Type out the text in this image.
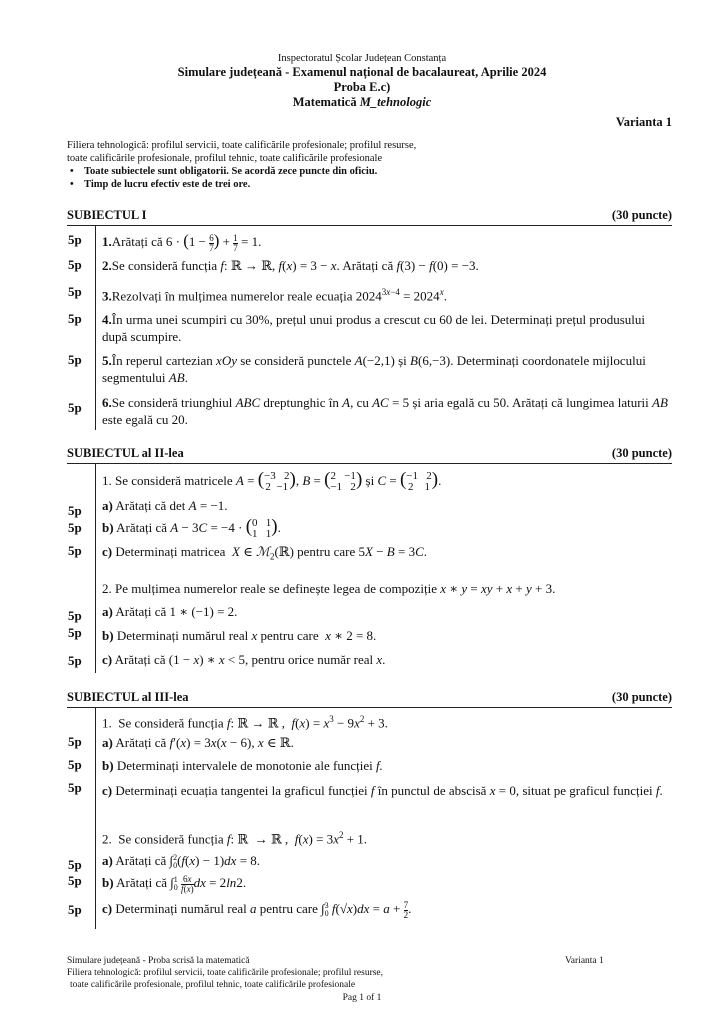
Inspectoratul Școlar Județean Constanța
Simulare județeană - Examenul național de bacalaureat, Aprilie 2024
Proba E.c)
Matematică M_tehnologic
Varianta 1
Filiera tehnologică: profilul servicii, toate calificările profesionale; profilul resurse,
toate calificările profesionale, profilul tehnic, toate calificările profesionale
• Toate subiectele sunt obligatorii. Se acordă zece puncte din oficiu.
• Timp de lucru efectiv este de trei ore.
SUBIECTUL I	(30 puncte)
5p	1.Arătați că $6 \cdot (1 - \frac{6}{7}$ ) + $\frac{1}{7} = 1$.
5p	2.Se consideră funcția f: ℝ → ℝ, f(x) = 3 − x. Arătați că f(3) − f(0) = −3.
5p	3.Rezolvați în mulțimea numerelor reale ecuația $2024^{3x-4} = 2024^x$.
5p	4.În urma unei scumpiri cu 30%, prețul unui produs a crescut cu 60 de lei. Determinați prețul produsului după scumpire.
5p	5.În reperul cartezian xOy se consideră punctele A(−2,1) și B(6,−3). Determinați coordonatele mijlocului segmentului AB.
5p	6.Se consideră triunghiul ABC dreptunghic în A, cu AC = 5 și aria egală cu 50. Arătați că lungimea laturii AB este egală cu 20.
SUBIECTUL al II-lea	(30 puncte)
1. Se consideră matricele A = ( −3   2
2  −1 ), B = ( 2   −1
−1   2 ) și C = ( −1   2
2    1 ).
5p	a) Arătați că det A = −1.
5p	b) Arătați că A − 3C = −4 · ( 0   1
1   1 ).
5p	c) Determinați matricea  X ∈ ℳ$_2$(ℝ) pentru care 5X − B = 3C.
2. Pe mulțimea numerelor reale se definește legea de compoziție x ∗ y = xy + x + y + 3.
5p	a) Arătați că 1 ∗ (−1) = 2.
5p	b) Determinați numărul real x pentru care  x ∗ 2 = 8.
5p	c) Arătați că (1 − x) ∗ x < 5, pentru orice număr real x.
SUBIECTUL al III-lea	(30 puncte)
1.  Se consideră funcția f: ℝ → ℝ ,  $f(x) = x^3 - 9x^2 + 3$.
5p	a) Arătați că f′(x) = 3x(x − 6), x ∈ ℝ.
5p	b) Determinați intervalele de monotonie ale funcției f.
5p	c) Determinați ecuația tangentei la graficul funcției f în punctul de abscisă x = 0, situat pe graficul funcției f.
2.  Se consideră funcția f: ℝ  → ℝ ,  $f(x) = 3x^2 + 1$.
5p	a) Arătați că ∫ 2
0 (f(x) − 1)dx = 8.
5p	b) Arătați că ∫ 1
0
$\frac{6x}{f(x)}$ dx = 2ln2.
5p	c) Determinați numărul real a pentru care ∫ 3
0 $f(√x)dx = a + \frac{7}{2}$ .
Simulare județeană - Proba scrisă la matematică	Varianta 1
Filiera tehnologică: profilul servicii, toate calificările profesionale; profilul resurse,
toate calificările profesionale, profilul tehnic, toate calificările profesionale
Pag 1 of 1
